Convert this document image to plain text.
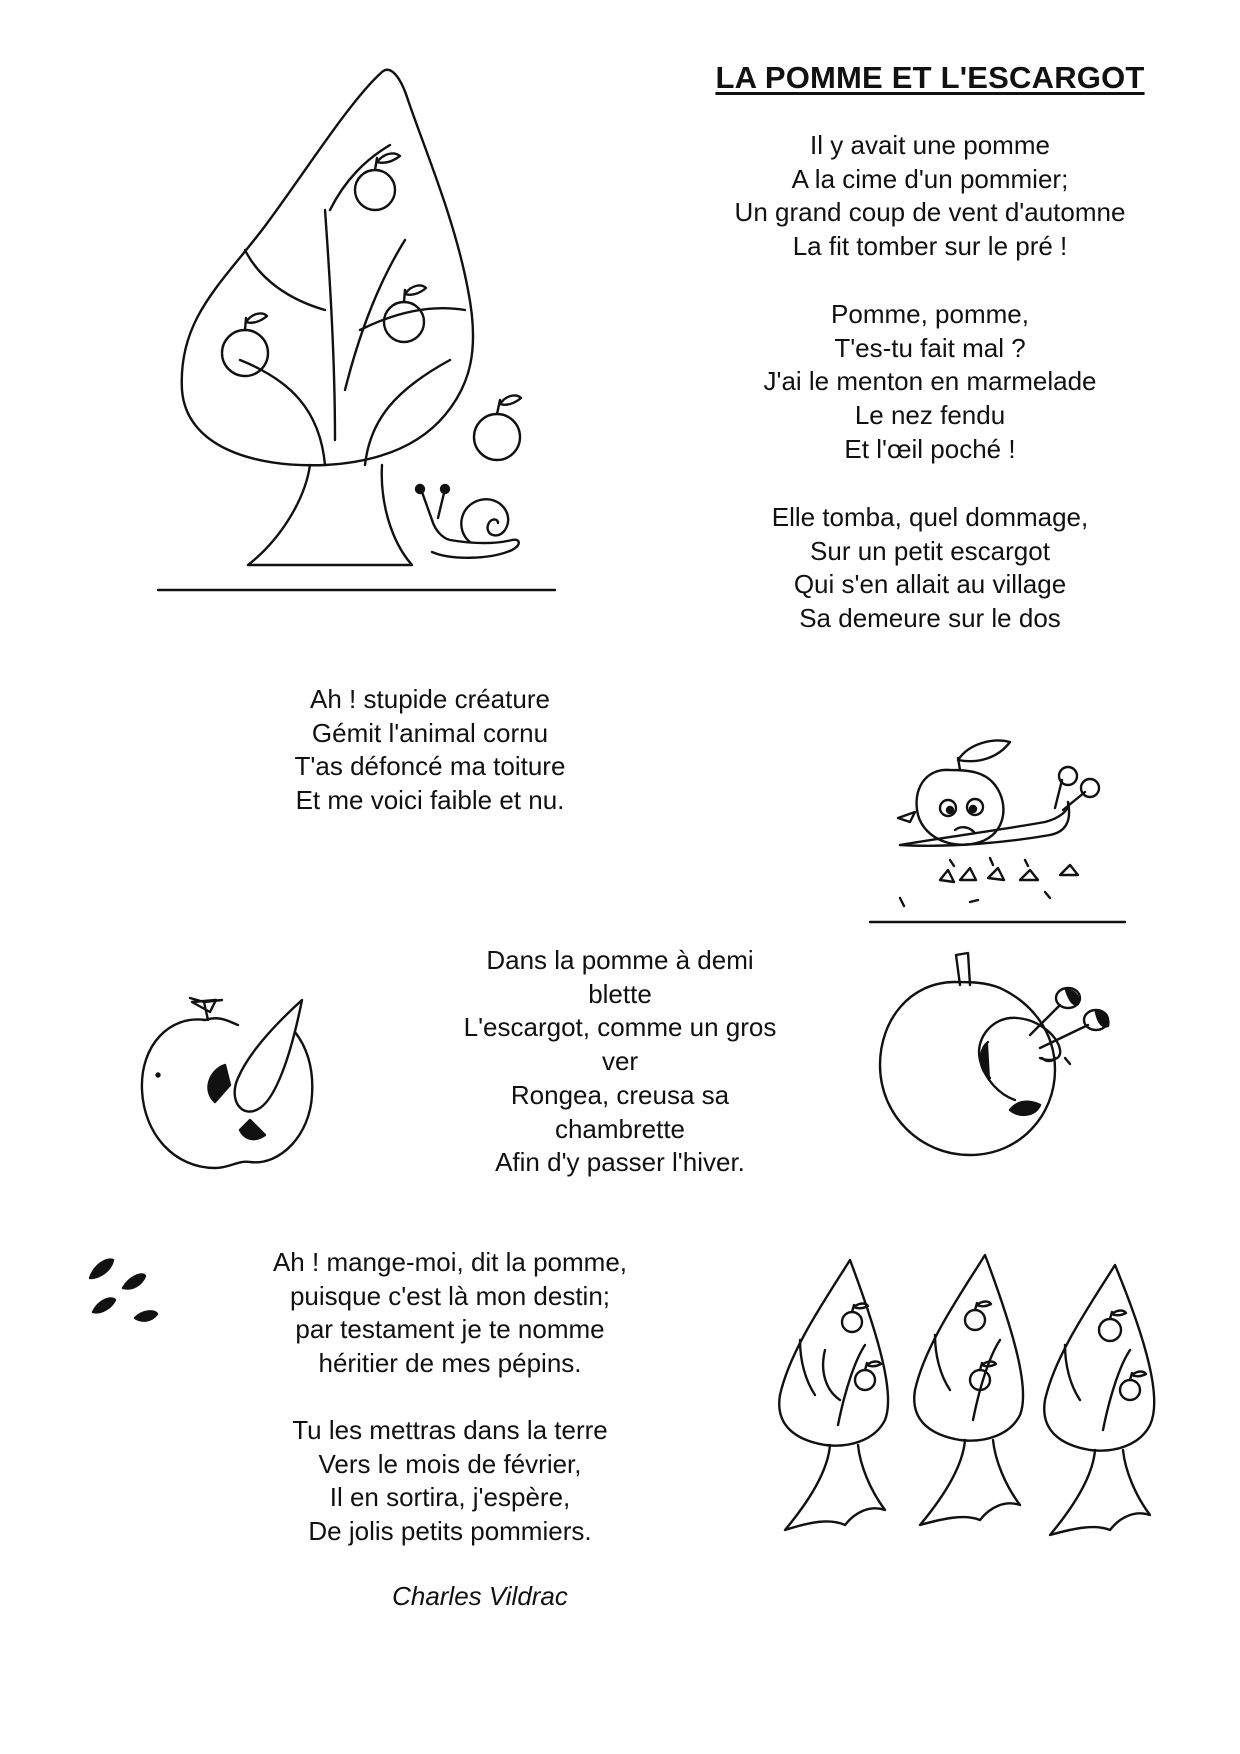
LA POMME ET L'ESCARGOT
Il y avait une pomme
A la cime d'un pommier;
Un grand coup de vent d'automne
La fit tomber sur le pré !
Pomme, pomme,
T'es-tu fait mal ?
J'ai le menton en marmelade
Le nez fendu
Et l'œil poché !
Elle tomba, quel dommage,
Sur un petit escargot
Qui s'en allait au village
Sa demeure sur le dos
Ah ! stupide créature
Gémit l'animal cornu
T'as défoncé ma toiture
Et me voici faible et nu.
Dans la pomme à demi
blette
L'escargot, comme un gros
ver
Rongea, creusa sa
chambrette
Afin d'y passer l'hiver.
Ah ! mange-moi, dit la pomme,
puisque c'est là mon destin;
par testament je te nomme
héritier de mes pépins.
Tu les mettras dans la terre
Vers le mois de février,
Il en sortira, j'espère,
De jolis petits pommiers.
Charles Vildrac
